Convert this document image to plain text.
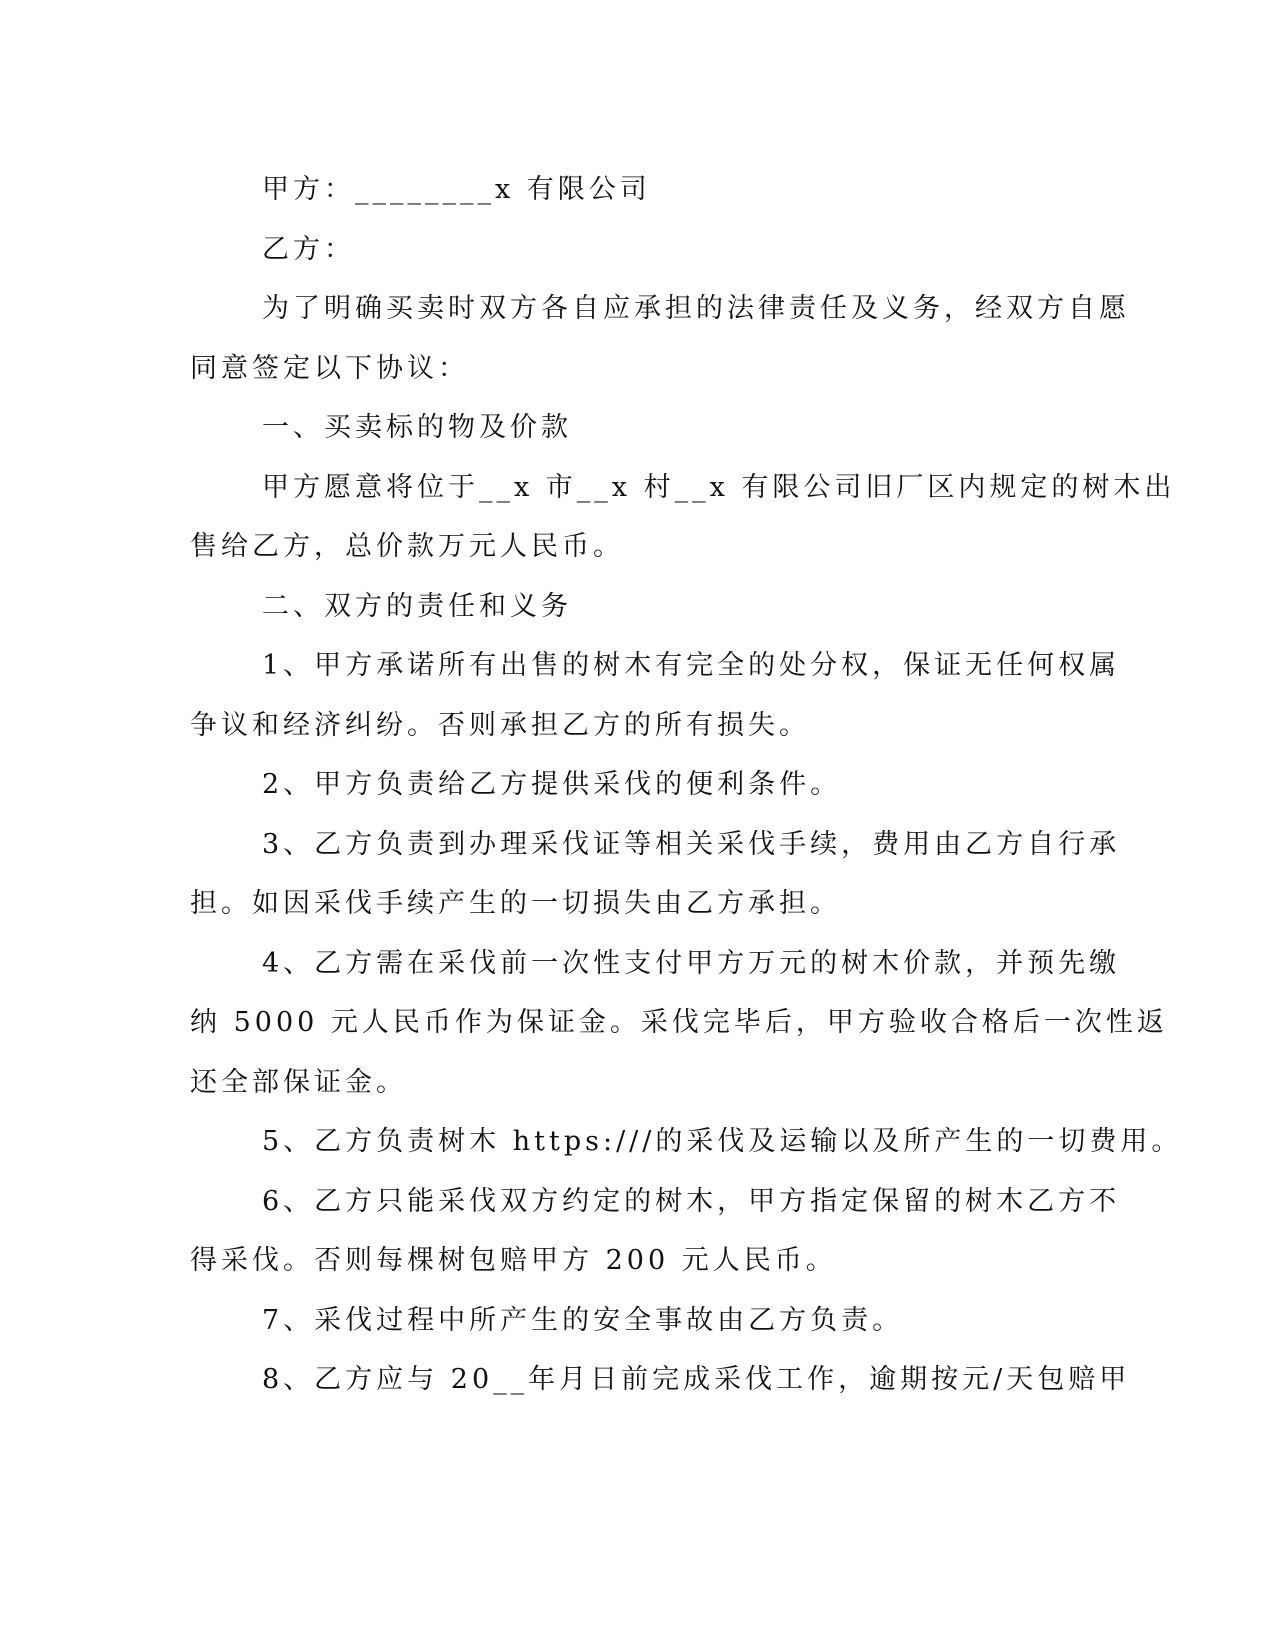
甲方：________x 有限公司
乙方：
为了明确买卖时双方各自应承担的法律责任及义务，经双方自愿
同意签定以下协议：
一、买卖标的物及价款
甲方愿意将位于__x 市__x 村__x 有限公司旧厂区内规定的树木出
售给乙方，总价款万元人民币。
二、双方的责任和义务
1、甲方承诺所有出售的树木有完全的处分权，保证无任何权属
争议和经济纠纷。否则承担乙方的所有损失。
2、甲方负责给乙方提供采伐的便利条件。
3、乙方负责到办理采伐证等相关采伐手续，费用由乙方自行承
担。如因采伐手续产生的一切损失由乙方承担。
4、乙方需在采伐前一次性支付甲方万元的树木价款，并预先缴
纳 5000 元人民币作为保证金。采伐完毕后，甲方验收合格后一次性返
还全部保证金。
5、乙方负责树木 https:///的采伐及运输以及所产生的一切费用。
6、乙方只能采伐双方约定的树木，甲方指定保留的树木乙方不
得采伐。否则每棵树包赔甲方 200 元人民币。
7、采伐过程中所产生的安全事故由乙方负责。
8、乙方应与 20__年月日前完成采伐工作，逾期按元/天包赔甲
